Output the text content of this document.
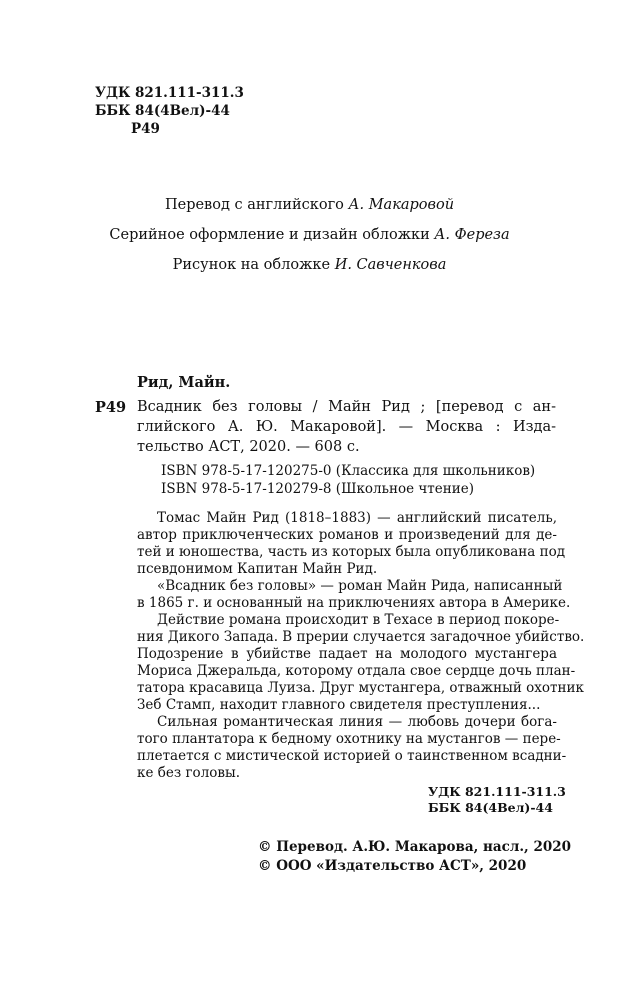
УДК 821.111-311.3
ББК 84(4Вел)-44
Р49
Перевод с английского А. Макаровой
Серийное оформление и дизайн обложки А. Фереза
Рисунок на обложке И. Савченкова
Рид, Майн.
Р49 Всадник без головы / Майн Рид ; [перевод с ан-
глийского А. Ю. Макаровой]. — Москва : Изда-
тельство АСТ, 2020. — 608 с.
ISBN 978-5-17-120275-0 (Классика для школьников)
ISBN 978-5-17-120279-8 (Школьное чтение)
Томас Майн Рид (1818–1883) — английский писатель,
автор приключенческих романов и произведений для де-
тей и юношества, часть из которых была опубликована под
псевдонимом Капитан Майн Рид.
«Всадник без головы» — роман Майн Рида, написанный
в 1865 г. и основанный на приключениях автора в Америке.
Действие романа происходит в Техасе в период покоре-
ния Дикого Запада. В прерии случается загадочное убийство.
Подозрение в убийстве падает на молодого мустангера
Мориса Джеральда, которому отдала свое сердце дочь план-
татора красавица Луиза. Друг мустангера, отважный охотник
Зеб Стамп, находит главного свидетеля преступления...
Сильная романтическая линия — любовь дочери бога-
того плантатора к бедному охотнику на мустангов — пере-
плетается с мистической историей о таинственном всадни-
ке без головы.
УДК 821.111-311.3
ББК 84(4Вел)-44
© Перевод. А.Ю. Макарова, насл., 2020
© ООО «Издательство АСТ», 2020
